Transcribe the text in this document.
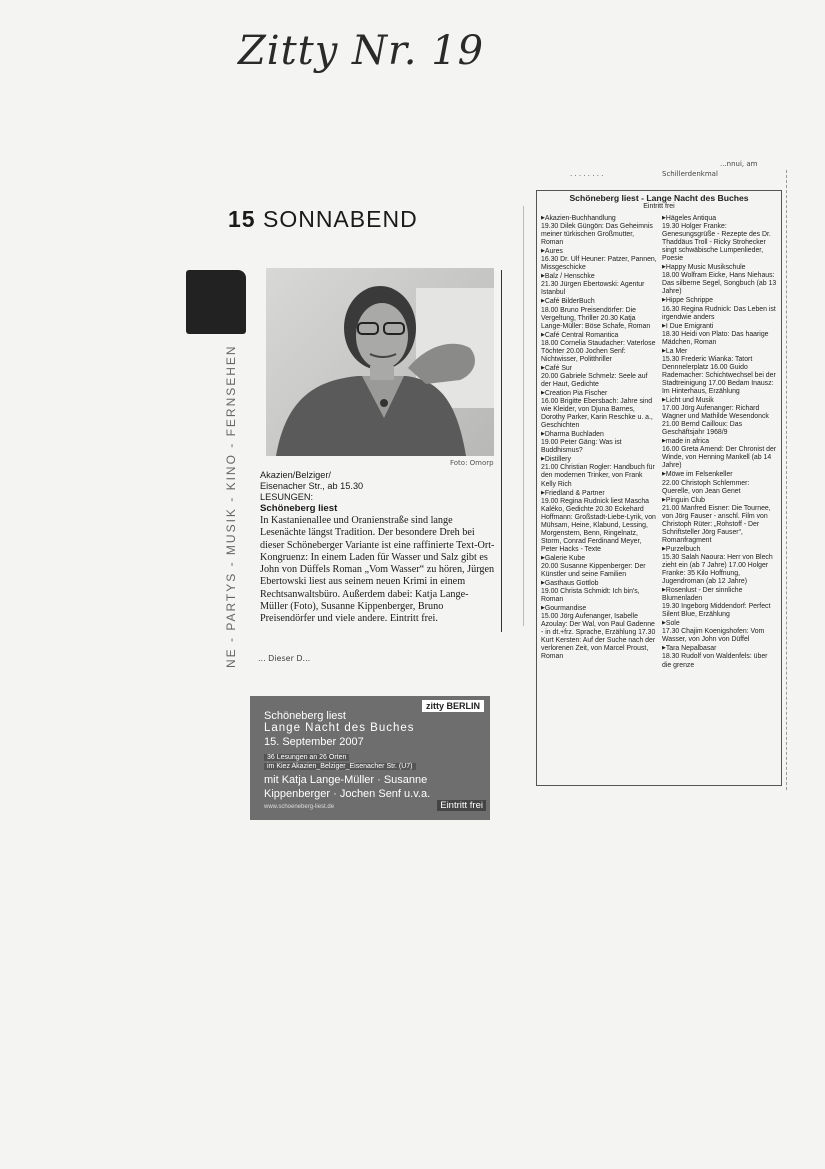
Zitty Nr. 19
...nnui, am
. . . . . . . .	Schillerdenkmal
15 SONNABEND
NE - PARTYS - MUSIK - KINO - FERNSEHEN	Foto: Omorp
Akazien/Belziger/
Eisenacher Str., ab 15.30
LESUNGEN:
Schöneberg liest
In Kastanienallee und Oranienstraße sind lange Lesenächte längst Tradition. Der besondere Dreh bei dieser Schöneberger Variante ist eine raffinierte Text-Ort-Kongruenz: In einem Laden für Wasser und Salz gibt es John von Düffels Roman „Vom Wasser“ zu hören, Jürgen Ebertowski liest aus seinem neuen Krimi in einem Rechtsanwaltsbüro. Außerdem dabei: Katja Lange-Müller (Foto), Susanne Kippenberger, Bruno Preisendörfer und viele andere. Eintritt frei.
... Dieser D...
zitty BERLIN
Schöneberg liest
Lange Nacht des Buches
15. September 2007
36 Lesungen an 26 Orten
im Kiez Akazien_Belziger_Eisenacher Str. (U7)
mit Katja Lange-Müller · Susanne
Kippenberger · Jochen Senf u.v.a.
www.schoeneberg-liest.de	Eintritt frei
Schöneberg liest - Lange Nacht des Buches
Eintritt frei
▶ Akazien-Buchhandlung
19.30 Dilek Güngön: Das Geheimnis meiner türkischen Großmutter, Roman
▶ Aures
16.30 Dr. Ulf Heuner: Patzer, Pannen, Missgeschicke
▶ Balz / Henschke
21.30 Jürgen Ebertowski: Agentur Istanbul
▶ Café BilderBuch
18.00 Bruno Preisendörfer: Die Vergeltung, Thriller 20.30 Katja Lange-Müller: Böse Schafe, Roman
▶ Café Central Romantica
18.00 Cornelia Staudacher: Vaterlose Töchter 20.00 Jochen Senf: Nichtwisser, Politthriller
▶ Café Sur
20.00 Gabriele Schmelz: Seele auf der Haut, Gedichte
▶ Creation Pia Fischer
16.00 Brigitte Ebersbach: Jahre sind wie Kleider, von Djuna Barnes, Dorothy Parker, Karin Reschke u. a., Geschichten
▶ Dharma Buchladen
19.00 Peter Gäng: Was ist Buddhismus?
▶ Distillery
21.00 Christian Rogler: Handbuch für den modernen Trinker, von Frank Kelly Rich
▶ Friedland & Partner
19.00 Regina Rudnick liest Mascha Kaléko, Gedichte 20.30 Eckehard Hoffmann: Großstadt-Liebe-Lyrik, von Mühsam, Heine, Klabund, Lessing, Morgenstern, Benn, Ringelnatz, Storm, Conrad Ferdinand Meyer, Peter Hacks - Texte
▶ Galerie Kube
20.00 Susanne Kippenberger: Der Künstler und seine Familien
▶ Gasthaus Gottlob
19.00 Christa Schmidt: Ich bin's, Roman
▶ Gourmandise
15.00 Jörg Aufenanger, Isabelle Azoulay: Der Wal, von Paul Gadenne - in dt.+frz. Sprache, Erzählung 17.30 Kurt Kersten: Auf der Suche nach der verlorenen Zeit, von Marcel Proust, Roman
▶ Hägeles Antiqua
19.30 Holger Franke: Genesungsgrüße - Rezepte des Dr. Thaddäus Troll - Ricky Strohecker singt schwäbische Lumpenlieder, Poesie
▶ Happy Music Musikschule
18.00 Wolfram Eicke, Hans Niehaus: Das silberne Segel, Songbuch (ab 13 Jahre)
▶ Hippe Schrippe
16.30 Regina Rudnick: Das Leben ist irgendwie anders
▶ I Due Emigranti
18.30 Heidi von Plato: Das haarige Mädchen, Roman
▶ La Mer
15.30 Frederic Wianka: Tatort Dennnelerplatz 16.00 Guido Rademacher: Schichtwechsel bei der Stadtreinigung 17.00 Bedam Inausz: Im Hinterhaus, Erzählung
▶ Licht und Musik
17.00 Jörg Aufenanger: Richard Wagner und Mathilde Wesendonck 21.00 Bernd Cailloux: Das Geschäftsjahr 1968/9
▶ made in africa
16.00 Greta Amend: Der Chronist der Winde, von Henning Mankell (ab 14 Jahre)
▶ Möwe im Felsenkeller
22.00 Christoph Schlemmer: Querelle, von Jean Genet
▶ Pinguin Club
21.00 Manfred Eisner: Die Tournee, von Jörg Fauser - anschl. Film von Christoph Rüter: „Rohstoff - Der Schriftsteller Jörg Fauser“, Romanfragment
▶ Purzelbuch
15.30 Salah Naoura: Herr von Blech zieht ein (ab 7 Jahre) 17.00 Holger Franke: 35 Kilo Hoffnung, Jugendroman (ab 12 Jahre)
▶ Rosenlust - Der sinnliche Blumenladen
19.30 Ingeborg Middendorf: Perfect Silent Blue, Erzählung
▶ Sole
17.30 Chajim Koenigshofen: Vom Wasser, von John von Düffel
▶ Tara Nepalbasar
18.30 Rudolf von Waldenfels: über die grenze
